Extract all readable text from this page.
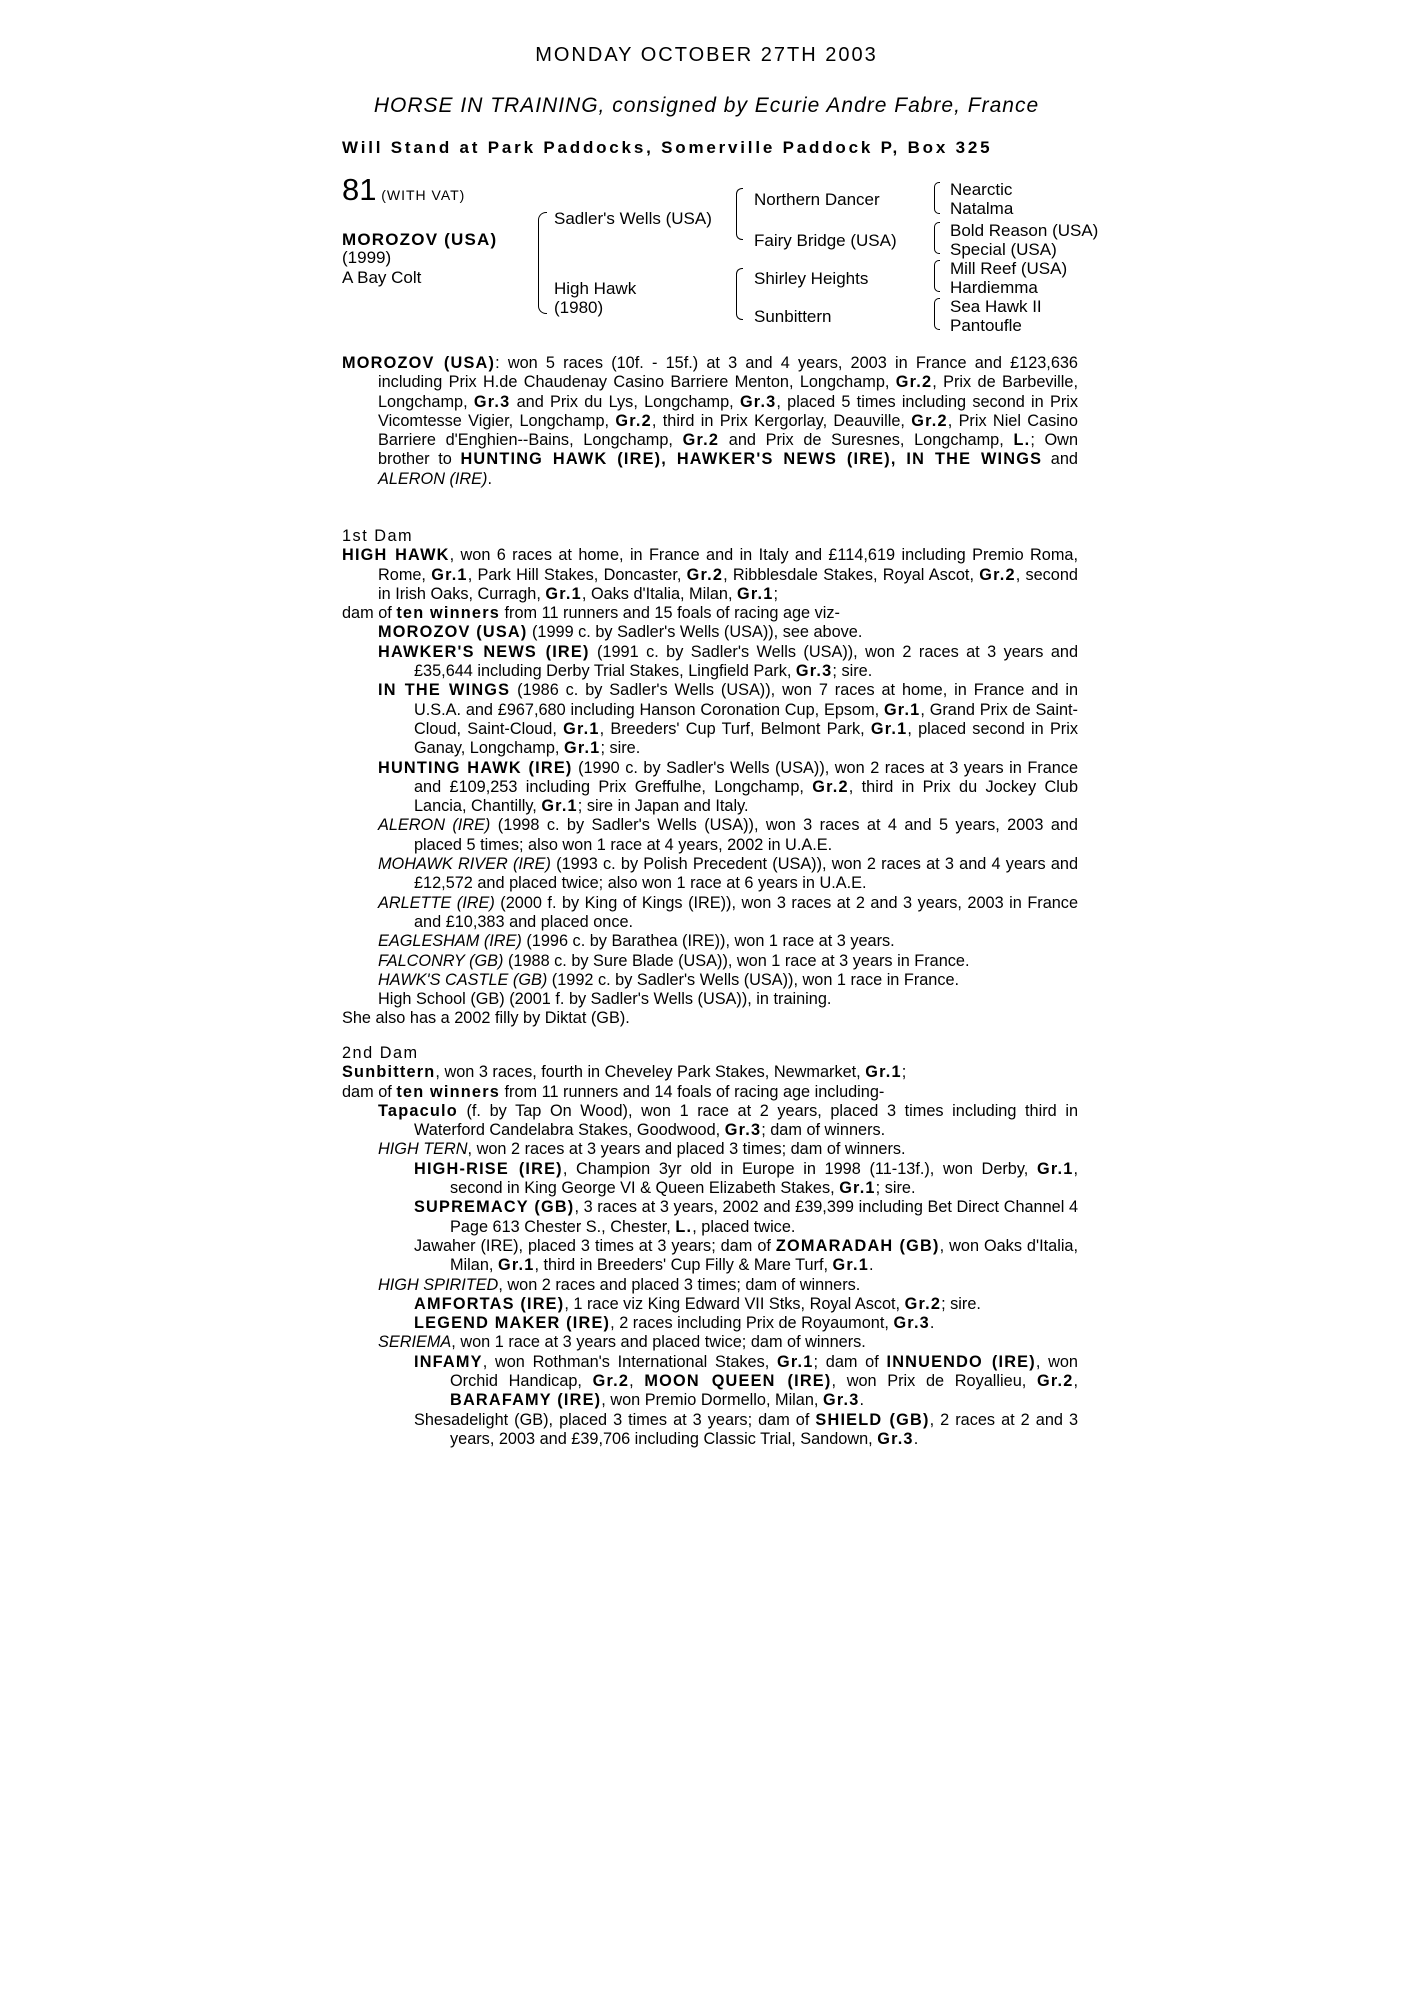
MONDAY OCTOBER 27TH 2003
HORSE IN TRAINING, consigned by Ecurie Andre Fabre, France
Will Stand at Park Paddocks, Somerville Paddock P, Box 325
81 (WITH VAT)
MOROZOV (USA)
(1999)
A Bay Colt
Sadler's Wells (USA)
High Hawk
(1980)
Northern Dancer
Fairy Bridge (USA)
Shirley Heights
Sunbittern
Nearctic
Natalma
Bold Reason (USA)
Special (USA)
Mill Reef (USA)
Hardiemma
Sea Hawk II
Pantoufle

MOROZOV (USA): won 5 races (10f. - 15f.) at 3 and 4 years, 2003 in France and £123,636 including Prix H.de Chaudenay Casino Barriere Menton, Longchamp, Gr.2, Prix de Barbeville, Longchamp, Gr.3 and Prix du Lys, Longchamp, Gr.3, placed 5 times including second in Prix Vicomtesse Vigier, Longchamp, Gr.2, third in Prix Kergorlay, Deauville, Gr.2, Prix Niel Casino Barriere d'Enghien--Bains, Longchamp, Gr.2 and Prix de Suresnes, Longchamp, L.; Own brother to HUNTING HAWK (IRE), HAWKER'S NEWS (IRE), IN THE WINGS and ALERON (IRE).

1st Dam

HIGH HAWK, won 6 races at home, in France and in Italy and £114,619 including Premio Roma, Rome, Gr.1, Park Hill Stakes, Doncaster, Gr.2, Ribblesdale Stakes, Royal Ascot, Gr.2, second in Irish Oaks, Curragh, Gr.1, Oaks d'Italia, Milan, Gr.1;

dam of ten winners from 11 runners and 15 foals of racing age viz-

MOROZOV (USA) (1999 c. by Sadler's Wells (USA)), see above.

HAWKER'S NEWS (IRE) (1991 c. by Sadler's Wells (USA)), won 2 races at 3 years and £35,644 including Derby Trial Stakes, Lingfield Park, Gr.3; sire.

IN THE WINGS (1986 c. by Sadler's Wells (USA)), won 7 races at home, in France and in U.S.A. and £967,680 including Hanson Coronation Cup, Epsom, Gr.1, Grand Prix de Saint-Cloud, Saint-Cloud, Gr.1, Breeders' Cup Turf, Belmont Park, Gr.1, placed second in Prix Ganay, Longchamp, Gr.1; sire.

HUNTING HAWK (IRE) (1990 c. by Sadler's Wells (USA)), won 2 races at 3 years in France and £109,253 including Prix Greffulhe, Longchamp, Gr.2, third in Prix du Jockey Club Lancia, Chantilly, Gr.1; sire in Japan and Italy.

ALERON (IRE) (1998 c. by Sadler's Wells (USA)), won 3 races at 4 and 5 years, 2003 and placed 5 times; also won 1 race at 4 years, 2002 in U.A.E.

MOHAWK RIVER (IRE) (1993 c. by Polish Precedent (USA)), won 2 races at 3 and 4 years and £12,572 and placed twice; also won 1 race at 6 years in U.A.E.

ARLETTE (IRE) (2000 f. by King of Kings (IRE)), won 3 races at 2 and 3 years, 2003 in France and £10,383 and placed once.

EAGLESHAM (IRE) (1996 c. by Barathea (IRE)), won 1 race at 3 years.

FALCONRY (GB) (1988 c. by Sure Blade (USA)), won 1 race at 3 years in France.

HAWK'S CASTLE (GB) (1992 c. by Sadler's Wells (USA)), won 1 race in France.

High School (GB) (2001 f. by Sadler's Wells (USA)), in training.

She also has a 2002 filly by Diktat (GB).

2nd Dam

Sunbittern, won 3 races, fourth in Cheveley Park Stakes, Newmarket, Gr.1;

dam of ten winners from 11 runners and 14 foals of racing age including-

Tapaculo (f. by Tap On Wood), won 1 race at 2 years, placed 3 times including third in Waterford Candelabra Stakes, Goodwood, Gr.3; dam of winners.

HIGH TERN, won 2 races at 3 years and placed 3 times; dam of winners.

HIGH-RISE (IRE), Champion 3yr old in Europe in 1998 (11-13f.), won Derby, Gr.1, second in King George VI & Queen Elizabeth Stakes, Gr.1; sire.

SUPREMACY (GB), 3 races at 3 years, 2002 and £39,399 including Bet Direct Channel 4 Page 613 Chester S., Chester, L., placed twice.

Jawaher (IRE), placed 3 times at 3 years; dam of ZOMARADAH (GB), won Oaks d'Italia, Milan, Gr.1, third in Breeders' Cup Filly & Mare Turf, Gr.1.

HIGH SPIRITED, won 2 races and placed 3 times; dam of winners.

AMFORTAS (IRE), 1 race viz King Edward VII Stks, Royal Ascot, Gr.2; sire.

LEGEND MAKER (IRE), 2 races including Prix de Royaumont, Gr.3.

SERIEMA, won 1 race at 3 years and placed twice; dam of winners.

INFAMY, won Rothman's International Stakes, Gr.1; dam of INNUENDO (IRE), won Orchid Handicap, Gr.2, MOON QUEEN (IRE), won Prix de Royallieu, Gr.2, BARAFAMY (IRE), won Premio Dormello, Milan, Gr.3.

Shesadelight (GB), placed 3 times at 3 years; dam of SHIELD (GB), 2 races at 2 and 3 years, 2003 and £39,706 including Classic Trial, Sandown, Gr.3.
